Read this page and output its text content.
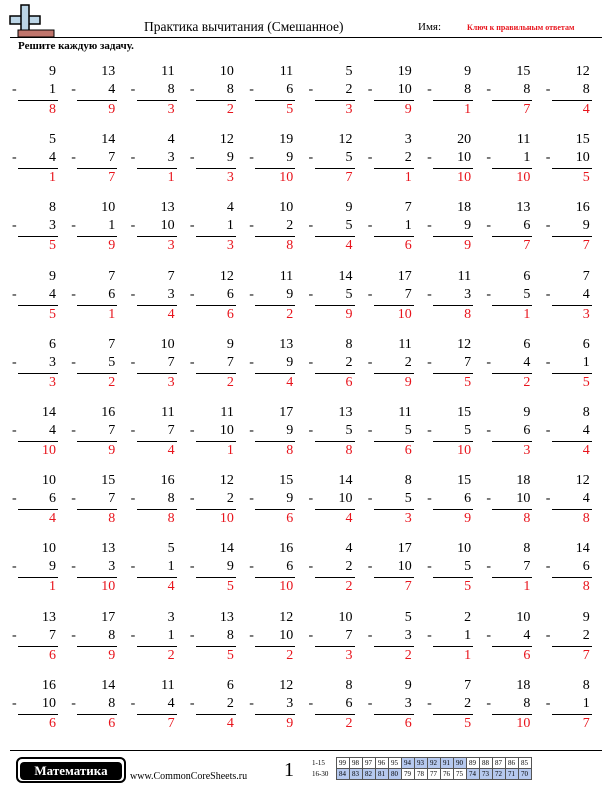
Практика вычитания (Смешанное)	Имя:	Ключ к правильным ответам
Решите каждую задачу.
9
- 1
8
13
- 4
9
11
- 8
3
10
- 8
2
11
- 6
5
5
- 2
3
19
- 10
9
9
- 8
1
15
- 8
7
12
- 8
4
5
- 4
1
14
- 7
7
4
- 3
1
12
- 9
3
19
- 9
10
12
- 5
7
3
- 2
1
20
- 10
10
11
- 1
10
15
- 10
5
8
- 3
5
10
- 1
9
13
- 10
3
4
- 1
3
10
- 2
8
9
- 5
4
7
- 1
6
18
- 9
9
13
- 6
7
16
- 9
7
9
- 4
5
7
- 6
1
7
- 3
4
12
- 6
6
11
- 9
2
14
- 5
9
17
- 7
10
11
- 3
8
6
- 5
1
7
- 4
3
6
- 3
3
7
- 5
2
10
- 7
3
9
- 7
2
13
- 9
4
8
- 2
6
11
- 2
9
12
- 7
5
6
- 4
2
6
- 1
5
14
- 4
10
16
- 7
9
11
- 7
4
11
- 10
1
17
- 9
8
13
- 5
8
11
- 5
6
15
- 5
10
9
- 6
3
8
- 4
4
10
- 6
4
15
- 7
8
16
- 8
8
12
- 2
10
15
- 9
6
14
- 10
4
8
- 5
3
15
- 6
9
18
- 10
8
12
- 4
8
10
- 9
1
13
- 3
10
5
- 1
4
14
- 9
5
16
- 6
10
4
- 2
2
17
- 10
7
10
- 5
5
8
- 7
1
14
- 6
8
13
- 7
6
17
- 8
9
3
- 1
2
13
- 8
5
12
- 10
2
10
- 7
3
5
- 3
2
2
- 1
1
10
- 4
6
9
- 2
7
16
- 10
6
14
- 8
6
11
- 4
7
6
- 2
4
12
- 3
9
8
- 6
2
9
- 3
6
7
- 2
5
18
- 8
10
8
- 1
7
Математика	www.CommonCoreSheets.ru 1	1-15	99	98	97	96	95	94	93	92	91	90	89	88	87	86	85
16-30	84	83	82	81	80	79	78	77	76	75	74	73	72	71	70
